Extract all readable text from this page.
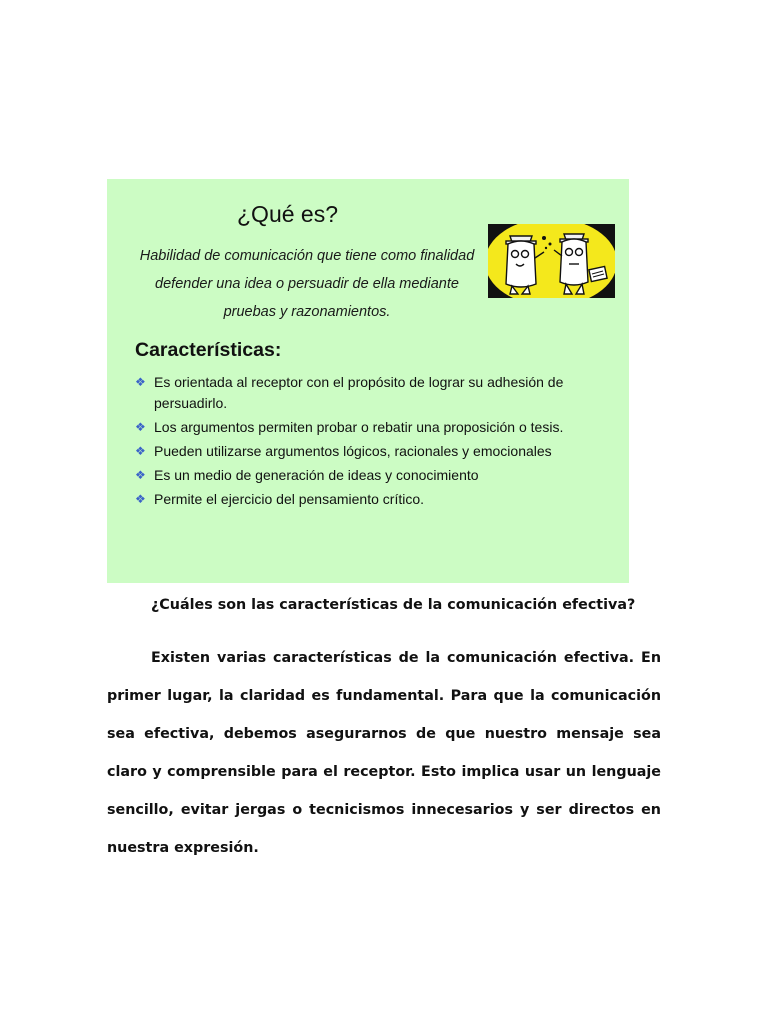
¿Qué es?

Habilidad de comunicación que tiene como finalidad defender una idea o persuadir de ella mediante pruebas y razonamientos.

Características:
❖ Es orientada al receptor con el propósito de lograr su adhesión de persuadirlo.
❖ Los argumentos permiten probar o rebatir una proposición o tesis.
❖ Pueden utilizarse argumentos lógicos, racionales y emocionales
❖ Es un medio de generación de ideas y conocimiento
❖ Permite el ejercicio del pensamiento crítico.

¿Cuáles son las características de la comunicación efectiva?

Existen varias características de la comunicación efectiva. En primer lugar, la claridad es fundamental. Para que la comunicación sea efectiva, debemos asegurarnos de que nuestro mensaje sea claro y comprensible para el receptor. Esto implica usar un lenguaje sencillo, evitar jergas o tecnicismos innecesarios y ser directos en nuestra expresión.
